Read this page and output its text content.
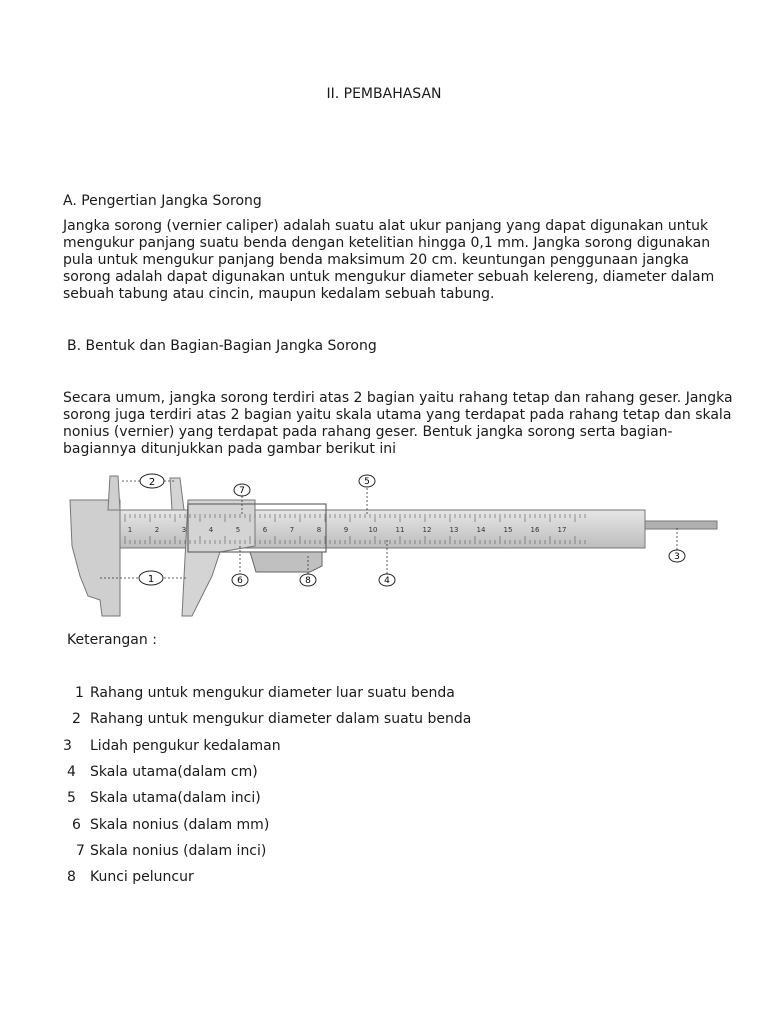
II. PEMBAHASAN
A. Pengertian Jangka Sorong
Jangka sorong (vernier caliper) adalah suatu alat ukur panjang yang dapat digunakan untuk mengukur panjang suatu benda dengan ketelitian hingga 0,1 mm. Jangka sorong digunakan pula untuk mengukur panjang benda maksimum 20 cm. keuntungan penggunaan jangka sorong adalah dapat digunakan untuk mengukur diameter sebuah kelereng, diameter dalam sebuah tabung atau cincin, maupun kedalam sebuah tabung.
B. Bentuk dan Bagian-Bagian Jangka Sorong
Secara umum, jangka sorong terdiri atas 2 bagian yaitu rahang tetap dan rahang geser. Jangka sorong juga terdiri atas 2 bagian yaitu skala utama yang terdapat pada rahang tetap dan skala nonius (vernier) yang terdapat pada rahang geser. Bentuk jangka sorong serta bagian-bagiannya ditunjukkan pada gambar berikut ini
1	2	3	4	5	6	7	8	9	10	11	12	13	14	15	16	17
1
2
3
4
5
6
7
8
Keterangan :
1 Rahang untuk mengukur diameter luar suatu benda
2 Rahang untuk mengukur diameter dalam suatu benda
3 Lidah pengukur kedalaman
4 Skala utama(dalam cm)
5 Skala utama(dalam inci)
6 Skala nonius (dalam mm)
7 Skala nonius (dalam inci)
8 Kunci peluncur
